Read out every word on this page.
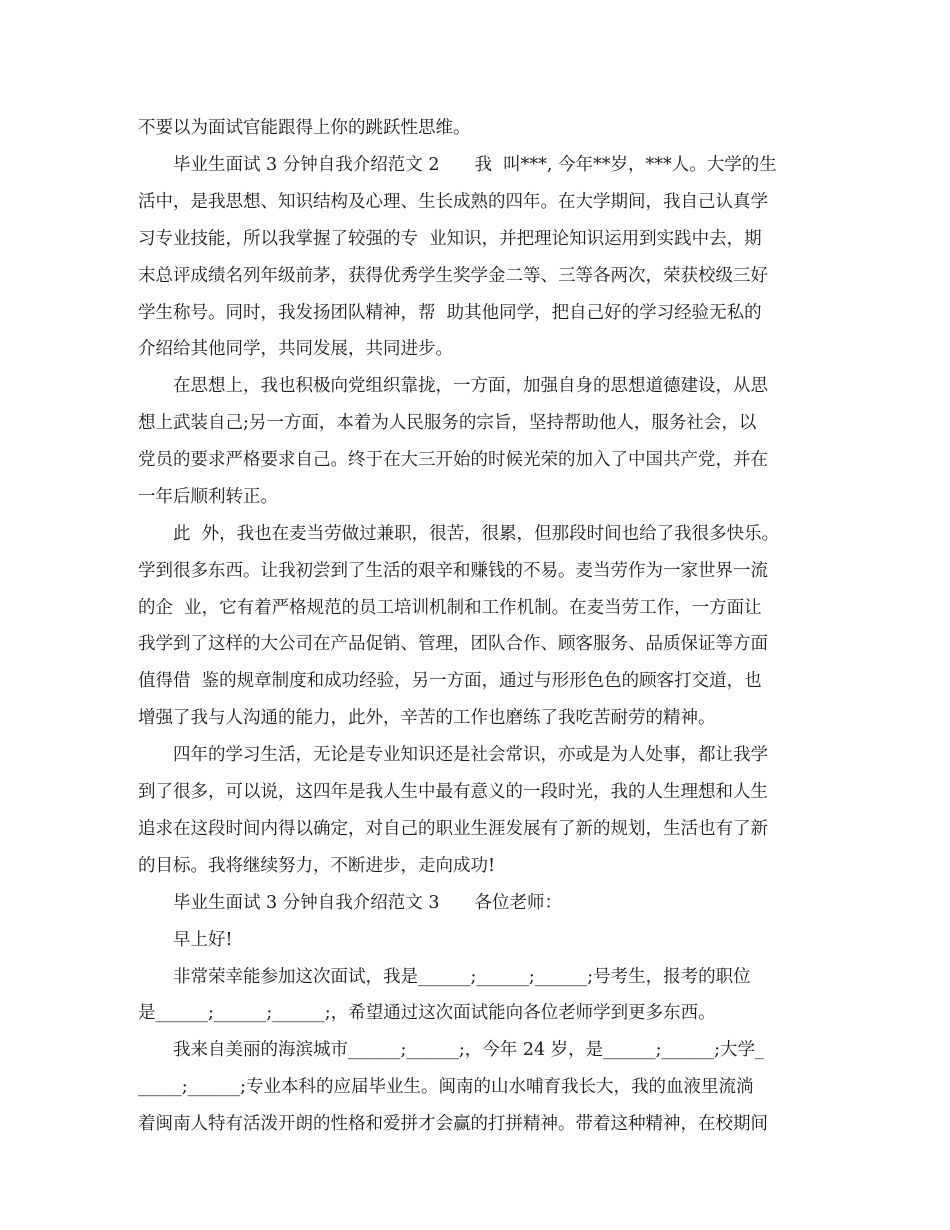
不要以为面试官能跟得上你的跳跃性思维。
毕业生面试 3 分钟自我介绍范文 2　　我  叫***, 今年**岁，***人。大学的生
活中，是我思想、知识结构及心理、生长成熟的四年。在大学期间，我自己认真学
习专业技能，所以我掌握了较强的专  业知识，并把理论知识运用到实践中去，期
末总评成绩名列年级前茅，获得优秀学生奖学金二等、三等各两次，荣获校级三好
学生称号。同时，我发扬团队精神，帮  助其他同学，把自己好的学习经验无私的
介绍给其他同学，共同发展，共同进步。
在思想上，我也积极向党组织靠拢，一方面，加强自身的思想道德建设，从思
想上武装自己;另一方面，本着为人民服务的宗旨，坚持帮助他人，服务社会，以
党员的要求严格要求自己。终于在大三开始的时候光荣的加入了中国共产党，并在
一年后顺利转正。
此  外，我也在麦当劳做过兼职，很苦，很累，但那段时间也给了我很多快乐。
学到很多东西。让我初尝到了生活的艰辛和赚钱的不易。麦当劳作为一家世界一流
的企  业，它有着严格规范的员工培训机制和工作机制。在麦当劳工作，一方面让
我学到了这样的大公司在产品促销、管理，团队合作、顾客服务、品质保证等方面
值得借  鉴的规章制度和成功经验，另一方面，通过与形形色色的顾客打交道，也
增强了我与人沟通的能力，此外，辛苦的工作也磨练了我吃苦耐劳的精神。
四年的学习生活，无论是专业知识还是社会常识，亦或是为人处事，都让我学
到了很多，可以说，这四年是我人生中最有意义的一段时光，我的人生理想和人生
追求在这段时间内得以确定，对自己的职业生涯发展有了新的规划，生活也有了新
的目标。我将继续努力，不断进步，走向成功!
毕业生面试 3 分钟自我介绍范文 3　　各位老师：
早上好!
非常荣幸能参加这次面试，我是______;______;______;号考生，报考的职位
是______;______;______;，希望通过这次面试能向各位老师学到更多东西。
我来自美丽的海滨城市______;______;，今年 24 岁，是______;______;大学_
_____;______;专业本科的应届毕业生。闽南的山水哺育我长大，我的血液里流淌
着闽南人特有活泼开朗的性格和爱拼才会赢的打拼精神。带着这种精神，在校期间
